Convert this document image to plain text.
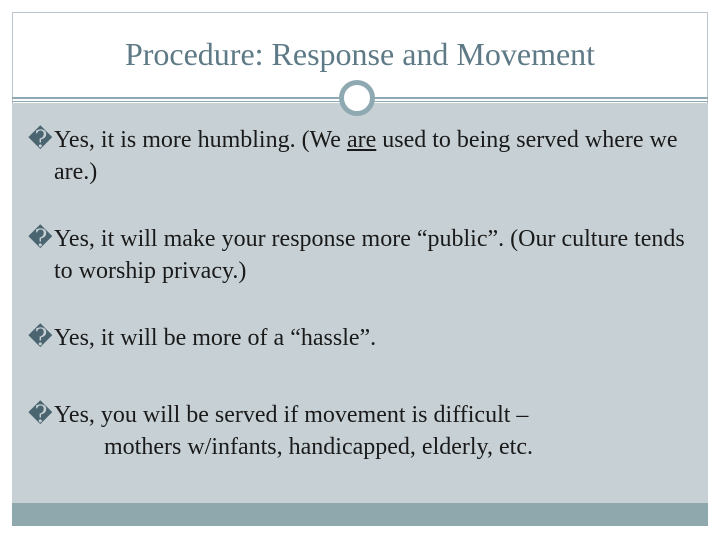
Procedure: Response and Movement
� Yes, it is more humbling. (We are used to being served where we are.)
� Yes, it will make your response more “public”. (Our culture tends to worship privacy.)
� Yes, it will be more of a “hassle”.
� Yes, you will be served if movement is difficult –
mothers w/infants, handicapped, elderly, etc.
